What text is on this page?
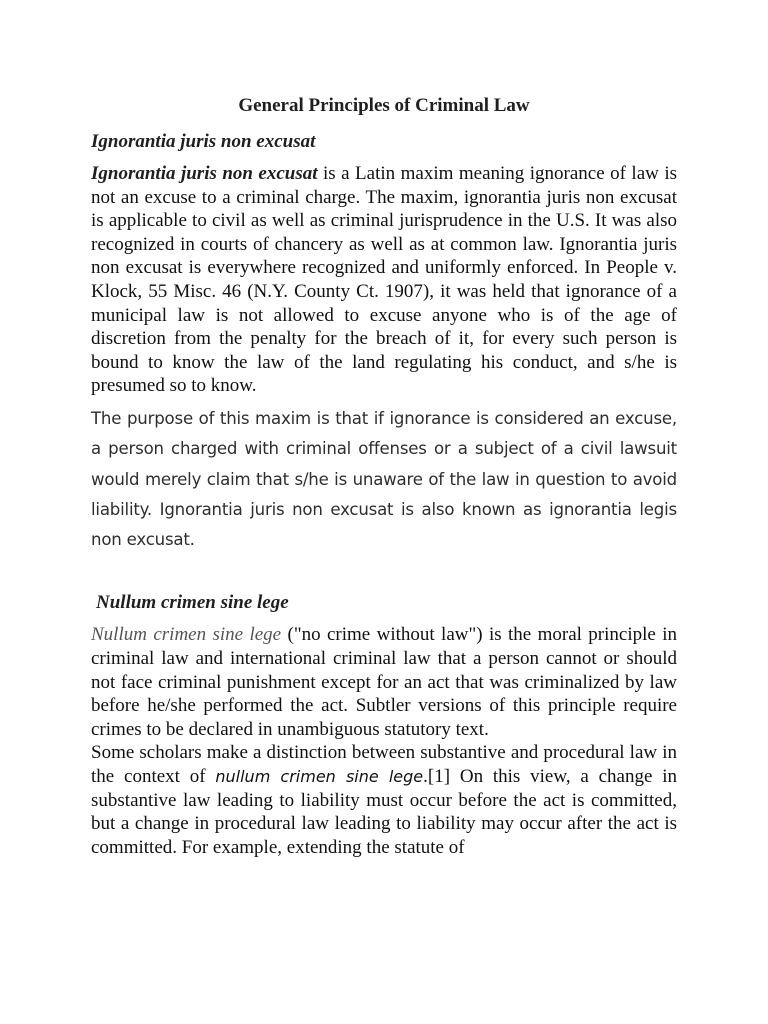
General Principles of Criminal Law
Ignorantia juris non excusat

Ignorantia juris non excusat is a Latin maxim meaning ignorance of law is not an excuse to a criminal charge. The maxim, ignorantia juris non excusat is applicable to civil as well as criminal jurisprudence in the U.S. It was also recognized in courts of chancery as well as at common law. Ignorantia juris non excusat is everywhere recognized and uniformly enforced. In People v. Klock, 55 Misc. 46 (N.Y. County Ct. 1907), it was held that ignorance of a municipal law is not allowed to excuse anyone who is of the age of discretion from the penalty for the breach of it, for every such person is bound to know the law of the land regulating his conduct, and s/he is presumed so to know.

The purpose of this maxim is that if ignorance is considered an excuse, a person charged with criminal offenses or a subject of a civil lawsuit would merely claim that s/he is unaware of the law in question to avoid liability. Ignorantia juris non excusat is also known as ignorantia legis non excusat.

Nullum crimen sine lege

Nullum crimen sine lege ("no crime without law") is the moral principle in criminal law and international criminal law that a person cannot or should not face criminal punishment except for an act that was criminalized by law before he/she performed the act. Subtler versions of this principle require crimes to be declared in unambiguous statutory text.

Some scholars make a distinction between substantive and procedural law in the context of nullum crimen sine lege.[1] On this view, a change in substantive law leading to liability must occur before the act is committed, but a change in procedural law leading to liability may occur after the act is committed. For example, extending the statute of
